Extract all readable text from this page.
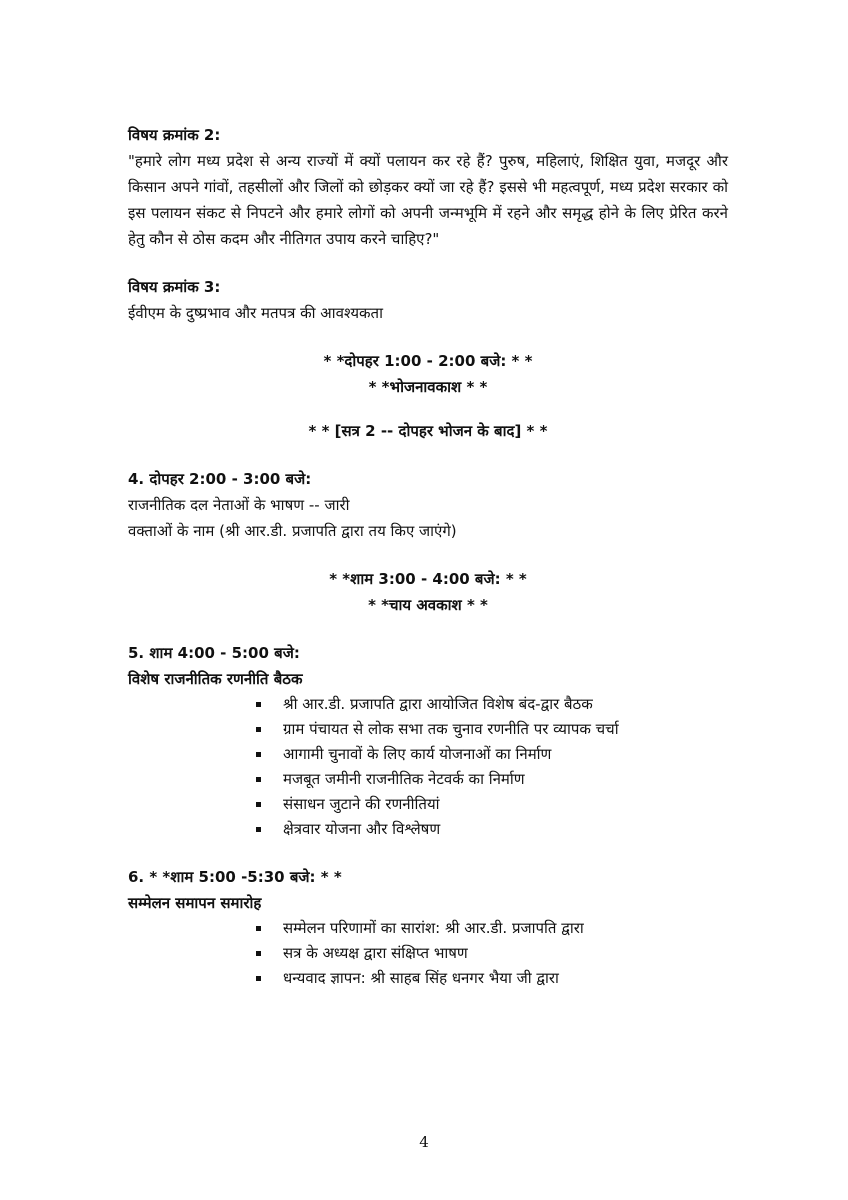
विषय क्रमांक 2:
"हमारे लोग मध्य प्रदेश से अन्य राज्यों में क्यों पलायन कर रहे हैं? पुरुष, महिलाएं, शिक्षित युवा, मजदूर और किसान अपने गांवों, तहसीलों और जिलों को छोड़कर क्यों जा रहे हैं? इससे भी महत्वपूर्ण, मध्य प्रदेश सरकार को इस पलायन संकट से निपटने और हमारे लोगों को अपनी जन्मभूमि में रहने और समृद्ध होने के लिए प्रेरित करने हेतु कौन से ठोस कदम और नीतिगत उपाय करने चाहिए?"
विषय क्रमांक 3:
ईवीएम के दुष्प्रभाव और मतपत्र की आवश्यकता
* *दोपहर 1:00 - 2:00 बजे: * *
* *भोजनावकाश * *
* * [सत्र 2 -- दोपहर भोजन के बाद] * *
4. दोपहर 2:00 - 3:00 बजे:
राजनीतिक दल नेताओं के भाषण -- जारी
वक्ताओं के नाम (श्री आर.डी. प्रजापति द्वारा तय किए जाएंगे)
* *शाम 3:00 - 4:00 बजे: * *
* *चाय अवकाश * *
5. शाम 4:00 - 5:00 बजे:
विशेष राजनीतिक रणनीति बैठक
श्री आर.डी. प्रजापति द्वारा आयोजित विशेष बंद-द्वार बैठक
ग्राम पंचायत से लोक सभा तक चुनाव रणनीति पर व्यापक चर्चा
आगामी चुनावों के लिए कार्य योजनाओं का निर्माण
मजबूत जमीनी राजनीतिक नेटवर्क का निर्माण
संसाधन जुटाने की रणनीतियां
क्षेत्रवार योजना और विश्लेषण
6. * *शाम 5:00 -5:30 बजे: * *
सम्मेलन समापन समारोह
सम्मेलन परिणामों का सारांश: श्री आर.डी. प्रजापति द्वारा
सत्र के अध्यक्ष द्वारा संक्षिप्त भाषण
धन्यवाद ज्ञापन: श्री साहब सिंह धनगर भैया जी द्वारा
4
